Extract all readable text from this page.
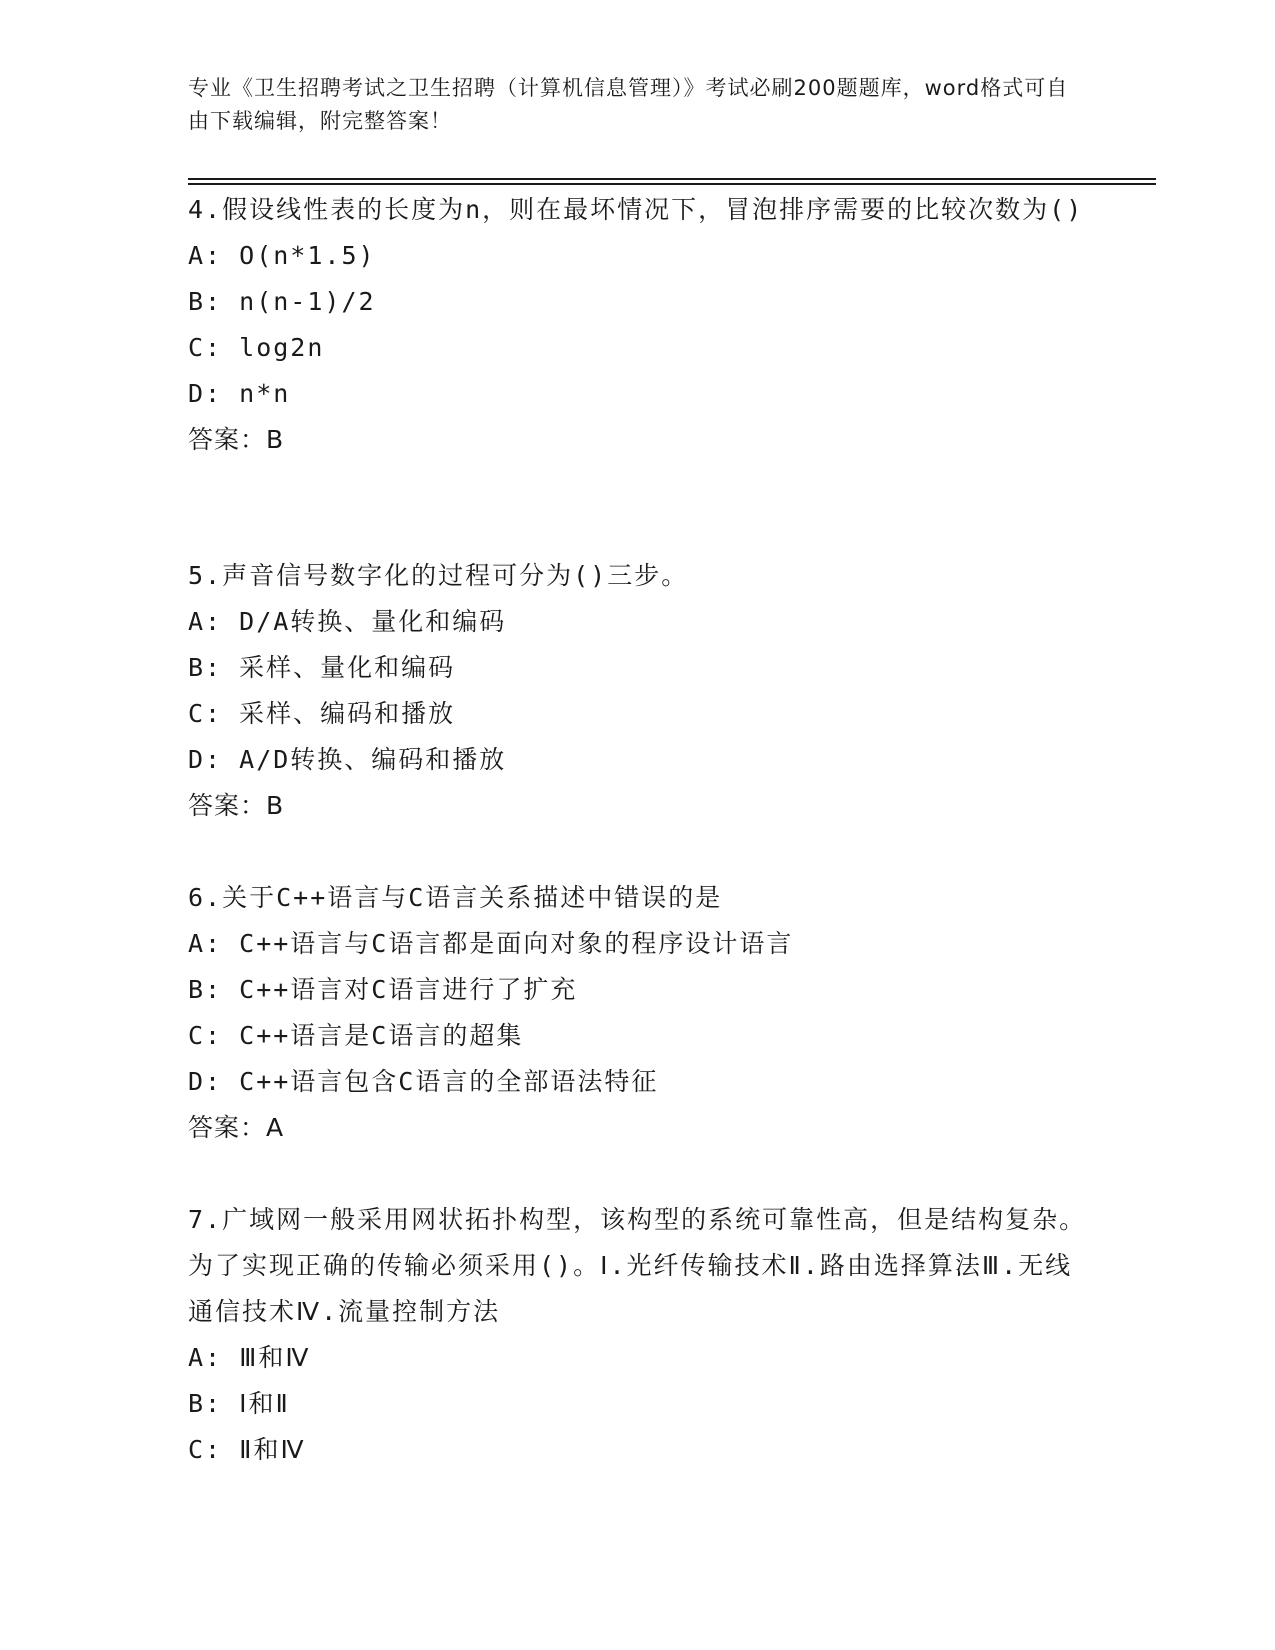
专业《卫生招聘考试之卫生招聘（计算机信息管理）》考试必刷200题题库，word格式可自由下载编辑，附完整答案！

4.假设线性表的长度为n，则在最坏情况下，冒泡排序需要的比较次数为()

A: O(n*1.5)
B: n(n-1)/2
C: log2n
D: n*n
答案：B

5.声音信号数字化的过程可分为()三步。

A: D/A转换、量化和编码
B: 采样、量化和编码
C: 采样、编码和播放
D: A/D转换、编码和播放
答案：B

6.关于C++语言与C语言关系描述中错误的是

A: C++语言与C语言都是面向对象的程序设计语言
B: C++语言对C语言进行了扩充
C: C++语言是C语言的超集
D: C++语言包含C语言的全部语法特征
答案：A

7.广域网一般采用网状拓扑构型，该构型的系统可靠性高，但是结构复杂。为了实现正确的传输必须采用()。Ⅰ.光纤传输技术Ⅱ.路由选择算法Ⅲ.无线通信技术Ⅳ.流量控制方法

A: Ⅲ和Ⅳ
B: Ⅰ和Ⅱ
C: Ⅱ和Ⅳ
